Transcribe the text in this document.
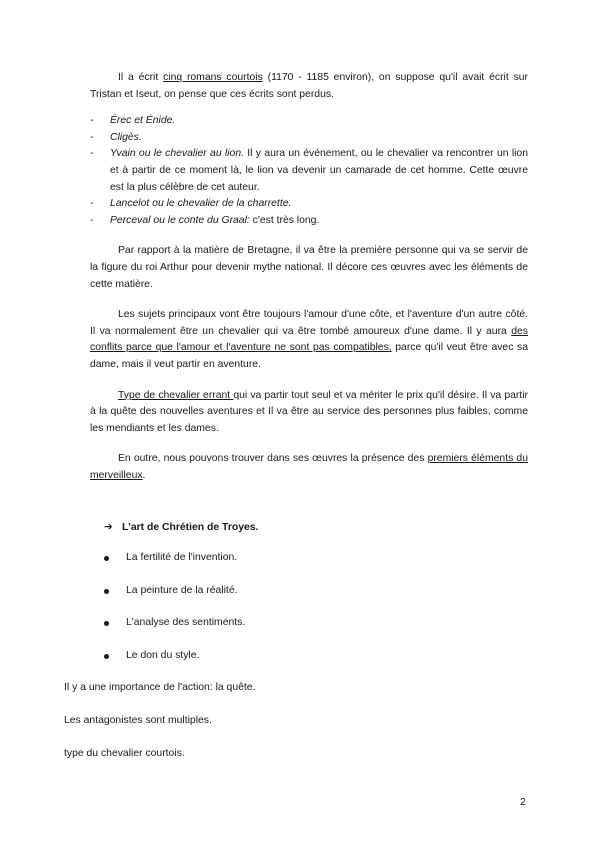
Il a écrit cinq romans courtois (1170 - 1185 environ), on suppose qu'il avait écrit sur Tristan et Iseut, on pense que ces écrits sont perdus.

- Érec et Énide.
- Cligès.
- Yvain ou le chevalier au lion. Il y aura un événement, ou le chevalier va rencontrer un lion et à partir de ce moment là, le lion va devenir un camarade de cet homme. Cette œuvre est la plus célèbre de cet auteur.
- Lancelot ou le chevalier de la charrette.
- Perceval ou le conte du Graal: c'est très long.

Par rapport à la matière de Bretagne, il va être la première personne qui va se servir de la figure du roi Arthur pour devenir mythe national. Il décore ces œuvres avec les éléments de cette matière.

Les sujets principaux vont être toujours l'amour d'une côte, et l'aventure d'un autre côté. Il va normalement être un chevalier qui va être tombé amoureux d'une dame. Il y aura des conflits parce que l'amour et l'aventure ne sont pas compatibles, parce qu'il veut être avec sa dame, mais il veut partir en aventure.

Type de chevalier errant qui va partir tout seul et va mériter le prix qu'il désire. Il va partir à la quête des nouvelles aventures et Il va être au service des personnes plus faibles, comme les mendiants et les dames.

En outre, nous pouvons trouver dans ses œuvres la présence des premiers éléments du merveilleux.

➔ L'art de Chrétien de Troyes.
La fertilité de l'invention.
La peinture de la réalité.
L'analyse des sentiments.
Le don du style.

Il y a une importance de l'action: la quête.

Les antagonistes sont multiples.

type du chevalier courtois.

2
